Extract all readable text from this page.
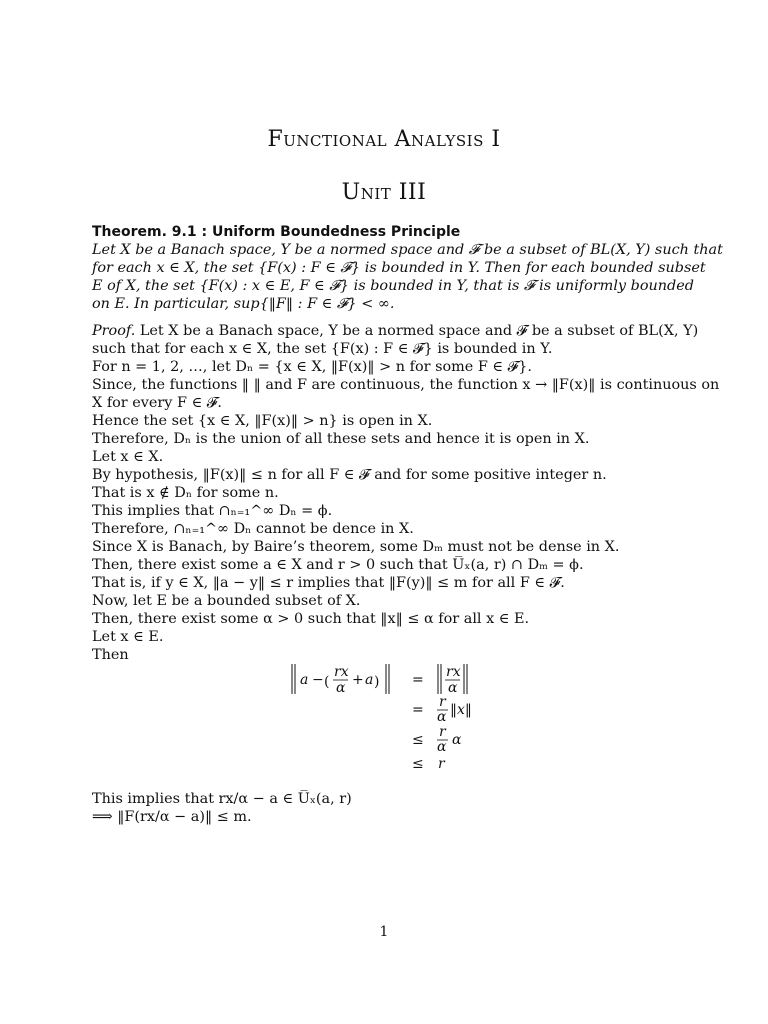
Functional Analysis I
Unit III
Theorem. 9.1 : Uniform Boundedness Principle
Let X be a Banach space, Y be a normed space and 𝓕 be a subset of BL(X, Y) such that
for each x ∈ X, the set {F(x) : F ∈ 𝓕} is bounded in Y. Then for each bounded subset
E of X, the set {F(x) : x ∈ E, F ∈ 𝓕} is bounded in Y, that is 𝓕 is uniformly bounded
on E. In particular, sup{‖F‖ : F ∈ 𝓕} < ∞.
Proof. Let X be a Banach space, Y be a normed space and 𝓕 be a subset of BL(X, Y)
such that for each x ∈ X, the set {F(x) : F ∈ 𝓕} is bounded in Y.
For n = 1, 2, …, let Dₙ = {x ∈ X, ‖F(x)‖ > n for some F ∈ 𝓕}.
Since, the functions ‖ ‖ and F are continuous, the function x → ‖F(x)‖ is continuous on
X for every F ∈ 𝓕.
Hence the set {x ∈ X, ‖F(x)‖ > n} is open in X.
Therefore, Dₙ is the union of all these sets and hence it is open in X.
Let x ∈ X.
By hypothesis, ‖F(x)‖ ≤ n for all F ∈ 𝓕 and for some positive integer n.
That is x ∉ Dₙ for some n.
This implies that ∩ₙ₌₁^∞ Dₙ = ϕ.
Therefore, ∩ₙ₌₁^∞ Dₙ cannot be dence in X.
Since X is Banach, by Baire’s theorem, some Dₘ must not be dense in X.
Then, there exist some a ∈ X and r > 0 such that U̅ₓ(a, r) ∩ Dₘ = ϕ.
That is, if y ∈ X, ‖a − y‖ ≤ r implies that ‖F(y)‖ ≤ m for all F ∈ 𝓕.
Now, let E be a bounded subset of X.
Then, there exist some α > 0 such that ‖x‖ ≤ α for all x ∈ E.
Let x ∈ E.
Then
a − (
rx
α + a ) = rx
α
= r
α ‖x‖
≤ r
α α
≤ r
This implies that rx/α − a ∈ U̅ₓ(a, r)
⟹ ‖F(rx/α − a)‖ ≤ m.
1
